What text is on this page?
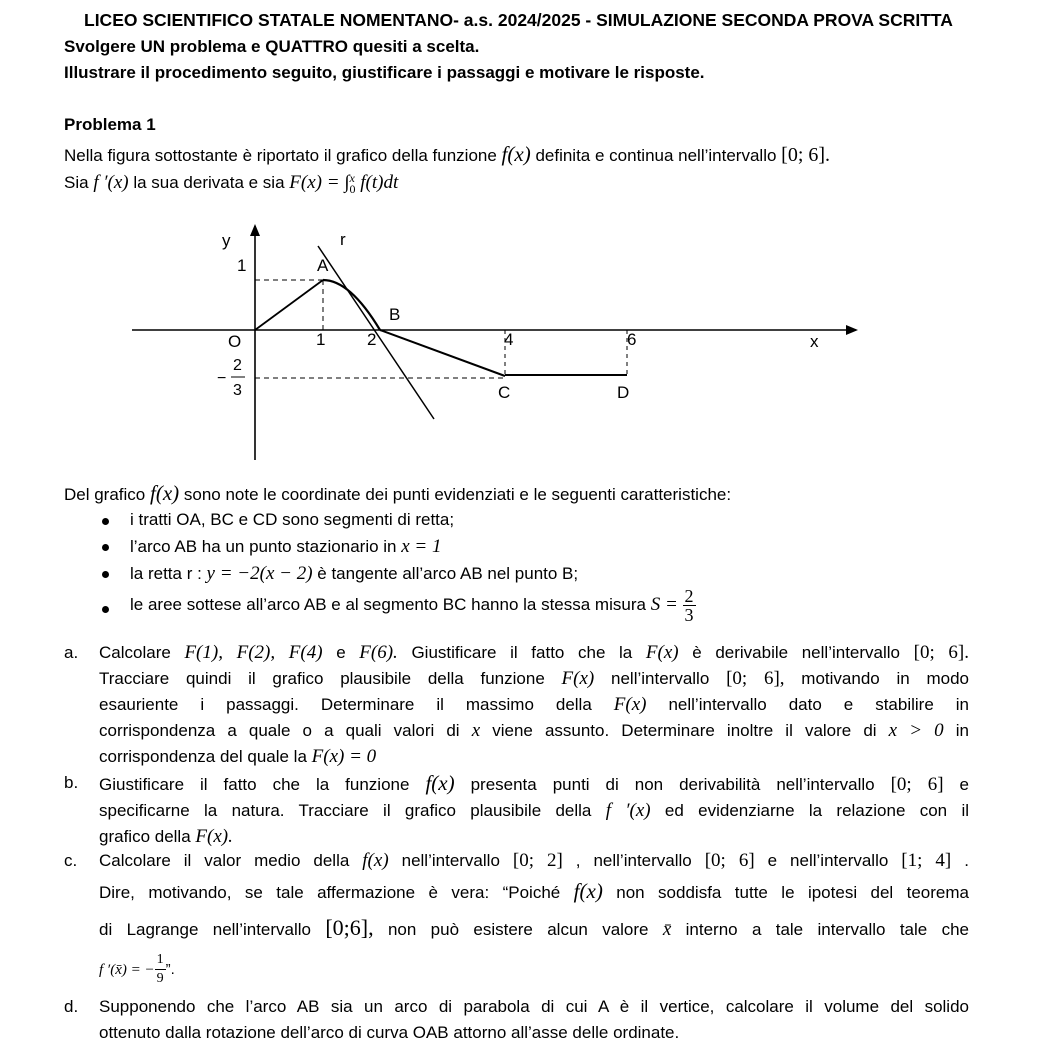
LICEO SCIENTIFICO STATALE NOMENTANO- a.s. 2024/2025 - SIMULAZIONE SECONDA PROVA SCRITTA
Svolgere UN problema e QUATTRO quesiti a scelta.
Illustrare il procedimento seguito, giustificare i passaggi e motivare le risposte.
Problema 1
Nella figura sottostante è riportato il grafico della funzione f(x) definita e continua nell’intervallo [0; 6].
Sia f ′(x) la sua derivata e sia F(x) = ∫ x
0 f(t)dt
y
x
r
O
1
−
2
3
1 2	4	6
A
B
C	D
Del grafico f(x) sono note le coordinate dei punti evidenziati e le seguenti caratteristiche:
i tratti OA, BC e CD sono segmenti di retta;
l’arco AB ha un punto stazionario in x = 1
la retta r : y = −2(x − 2) è tangente all’arco AB nel punto B;
le aree sottese all’arco AB e al segmento BC hanno la stessa misura $S = \frac{2}{3}$
a. Calcolare F(1), F(2), F(4) e F(6). Giustificare il fatto che la F(x) è derivabile nell’intervallo [0; 6].
Tracciare quindi il grafico plausibile della funzione F(x) nell’intervallo [0; 6], motivando in modo
esauriente i passaggi. Determinare il massimo della F(x) nell’intervallo dato e stabilire in
corrispondenza a quale o a quali valori di x viene assunto. Determinare inoltre il valore di x > 0 in
corrispondenza del quale la F(x) = 0
b. Giustificare il fatto che la funzione f(x) presenta punti di non derivabilità nell’intervallo [0; 6] e
specificarne la natura. Tracciare il grafico plausibile della f ′(x) ed evidenziarne la relazione con il
grafico della F(x).
c. Calcolare il valor medio della f(x) nell’intervallo [0; 2] , nell’intervallo [0; 6] e nell’intervallo [1; 4] .
Dire, motivando, se tale affermazione è vera: “Poiché f(x) non soddisfa tutte le ipotesi del teorema
di Lagrange nell’intervallo [0;6], non può esistere alcun valore x̄ interno a tale intervallo tale che
f ′(x̄) = − $\frac{1}{9}$ ”.
d. Supponendo che l’arco AB sia un arco di parabola di cui A è il vertice, calcolare il volume del solido
ottenuto dalla rotazione dell’arco di curva OAB attorno all’asse delle ordinate.
